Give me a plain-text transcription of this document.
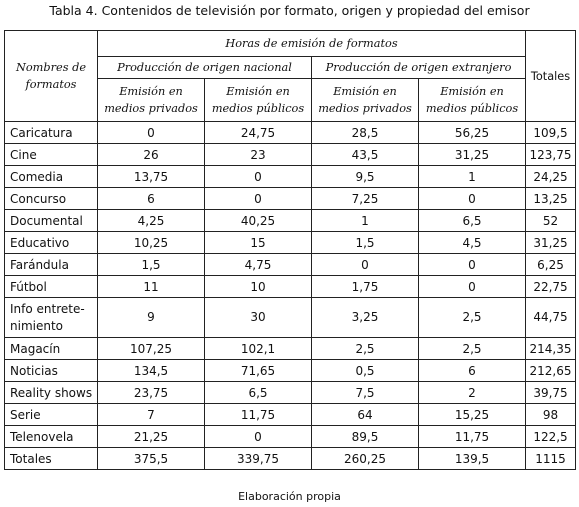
Tabla 4. Contenidos de televisión por formato, origen y propiedad del emisor
Nombres de formatos	Horas de emisión de formatos				Totales
	Producción de origen nacional		Producción de origen extranjero		
	Emisión en medios privados	Emisión en medios públicos	Emisión en medios privados	Emisión en medios públicos	
Caricatura	0	24,75	28,5	56,25	109,5
Cine	26	23	43,5	31,25	123,75
Comedia	13,75	0	9,5	1	24,25
Concurso	6	0	7,25	0	13,25
Documental	4,25	40,25	1	6,5	52
Educativo	10,25	15	1,5	4,5	31,25
Farándula	1,5	4,75	0	0	6,25
Fútbol	11	10	1,75	0	22,75
Info entrete-
nimiento	9	30	3,25	2,5	44,75
Magacín	107,25	102,1	2,5	2,5	214,35
Noticias	134,5	71,65	0,5	6	212,65
Reality shows	23,75	6,5	7,5	2	39,75
Serie	7	11,75	64	15,25	98
Telenovela	21,25	0	89,5	11,75	122,5
Totales	375,5	339,75	260,25	139,5	1115
Elaboración propia
